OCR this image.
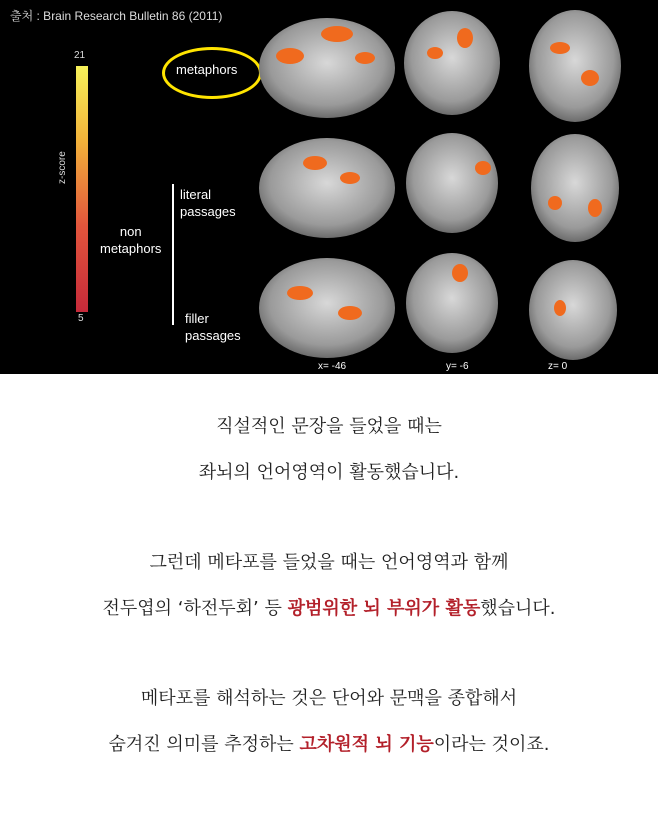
출처 : Brain Research Bulletin 86 (2011)
21
5
z-score
metaphors
non
metaphors
literal
passages
filler
passages
x= -46	y= -6	z= 0
직설적인 문장을 들었을 때는
좌뇌의 언어영역이 활동했습니다.
그런데 메타포를 들었을 때는 언어영역과 함께
전두엽의 ‘하전두회’ 등 광범위한 뇌 부위가 활동했습니다.
메타포를 해석하는 것은 단어와 문맥을 종합해서
숨겨진 의미를 추정하는 고차원적 뇌 기능이라는 것이죠.
